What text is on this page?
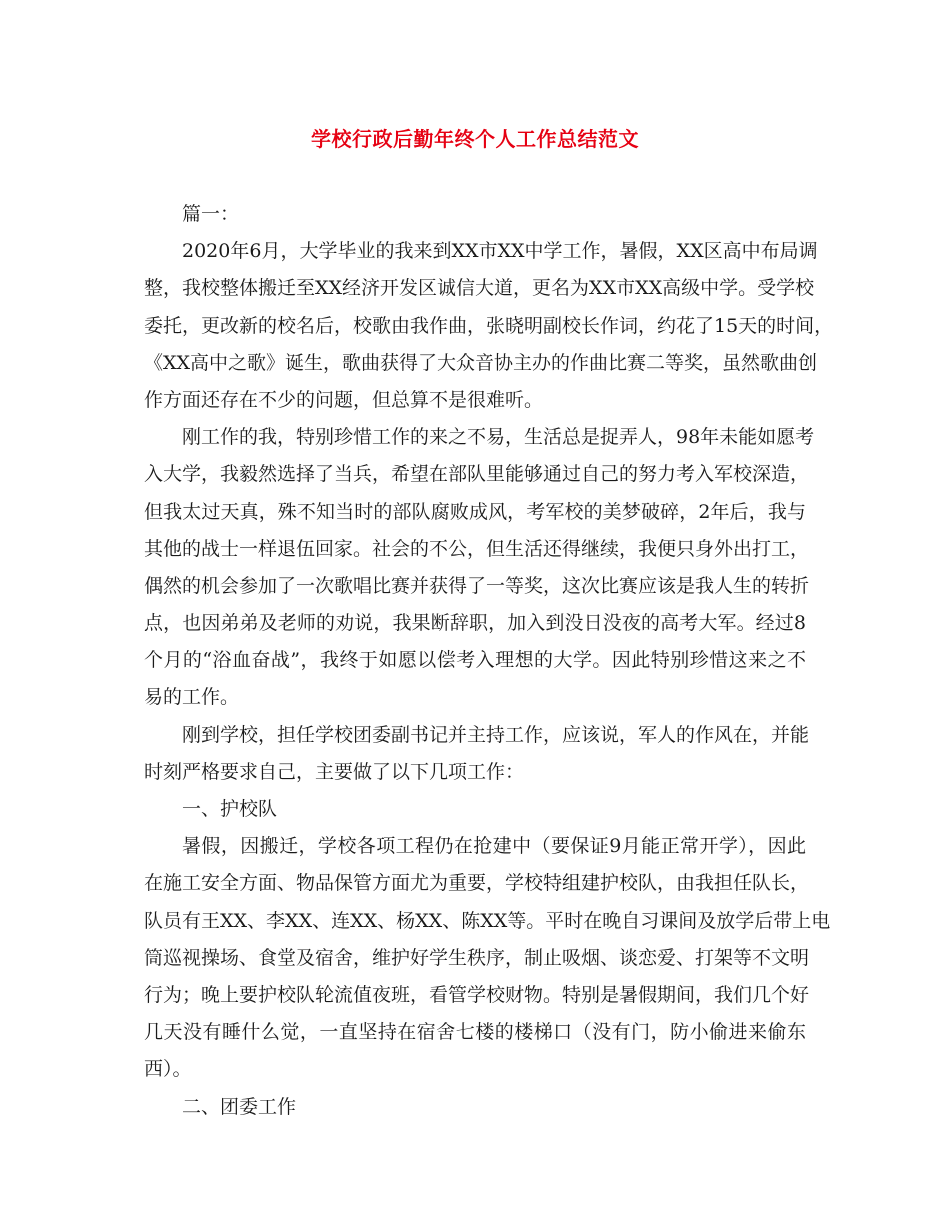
学校行政后勤年终个人工作总结范文
篇一：
2020年6月，大学毕业的我来到XX市XX中学工作，暑假，XX区高中布局调
整，我校整体搬迁至XX经济开发区诚信大道，更名为XX市XX高级中学。受学校
委托，更改新的校名后，校歌由我作曲，张晓明副校长作词，约花了15天的时间，
《XX高中之歌》诞生，歌曲获得了大众音协主办的作曲比赛二等奖，虽然歌曲创
作方面还存在不少的问题，但总算不是很难听。
刚工作的我，特别珍惜工作的来之不易，生活总是捉弄人，98年未能如愿考
入大学，我毅然选择了当兵，希望在部队里能够通过自己的努力考入军校深造，
但我太过天真，殊不知当时的部队腐败成风，考军校的美梦破碎，2年后，我与
其他的战士一样退伍回家。社会的不公，但生活还得继续，我便只身外出打工，
偶然的机会参加了一次歌唱比赛并获得了一等奖，这次比赛应该是我人生的转折
点，也因弟弟及老师的劝说，我果断辞职，加入到没日没夜的高考大军。经过8
个月的“浴血奋战”，我终于如愿以偿考入理想的大学。因此特别珍惜这来之不
易的工作。
刚到学校，担任学校团委副书记并主持工作，应该说，军人的作风在，并能
时刻严格要求自己，主要做了以下几项工作：
一、护校队
暑假，因搬迁，学校各项工程仍在抢建中（要保证9月能正常开学），因此
在施工安全方面、物品保管方面尤为重要，学校特组建护校队，由我担任队长，
队员有王XX、李XX、连XX、杨XX、陈XX等。平时在晚自习课间及放学后带上电
筒巡视操场、食堂及宿舍，维护好学生秩序，制止吸烟、谈恋爱、打架等不文明
行为；晚上要护校队轮流值夜班，看管学校财物。特别是暑假期间，我们几个好
几天没有睡什么觉，一直坚持在宿舍七楼的楼梯口（没有门，防小偷进来偷东
西）。
二、团委工作
